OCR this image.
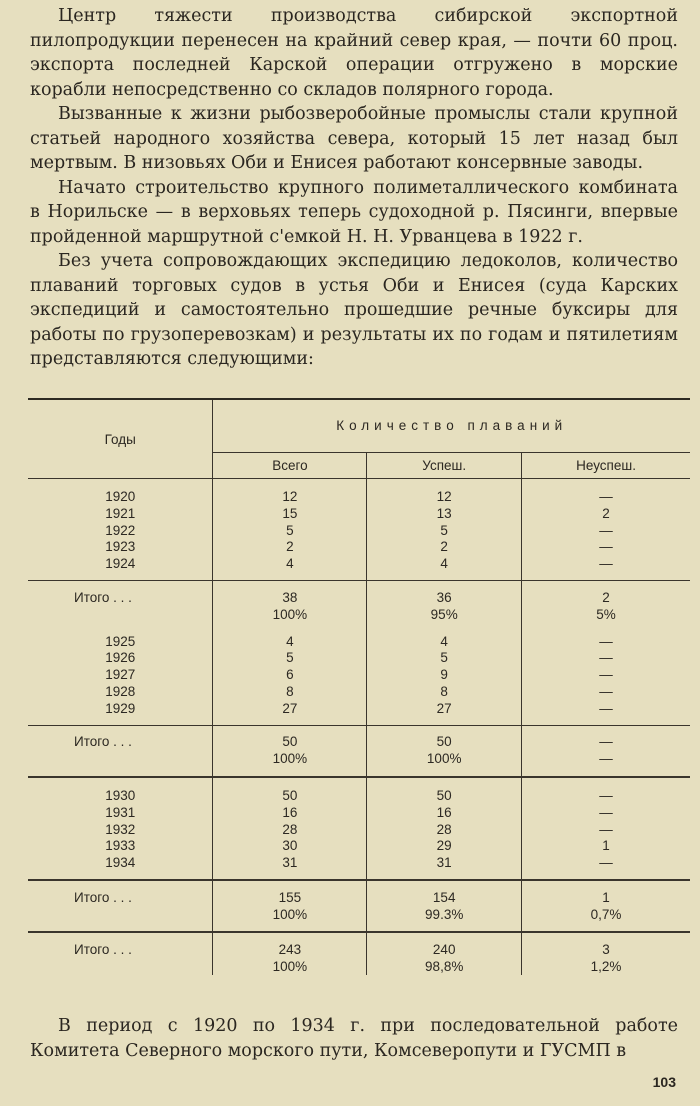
Центр тяжести производства сибирской экспортной пилопродукции перенесен на крайний север края, — почти 60 проц. экспорта последней Карской операции отгружено в морские корабли непосредственно со складов полярного города.

Вызванные к жизни рыбозверобойные промыслы стали крупной статьей народного хозяйства севера, который 15 лет назад был мертвым. В низовьях Оби и Енисея работают консервные заводы.

Начато строительство крупного полиметаллического комбината в Норильске — в верховьях теперь судоходной р. Пясинги, впервые пройденной маршрутной с'емкой Н. Н. Урванцева в 1922 г.

Без учета сопровождающих экспедицию ледоколов, количество плаваний торговых судов в устья Оби и Енисея (суда Карских экспедиций и самостоятельно прошедшие речные буксиры для работы по грузоперевозкам) и результаты их по годам и пятилетиям представляются следующими:

Годы	Количество плаваний		
	Всего	Успеш.	Неуспеш.

1920	12	12	—
1921	15	13	2
1922	5	5	—
1923	2	2	—
1924	4	4	—

Итого . . .	38	36	2
	100%	95%	5%

1925	4	4	—
1926	5	5	—
1927	6	9	—
1928	8	8	—
1929	27	27	—

Итого . . .	50	50	—
	100%	100%	—

1930	50	50	—
1931	16	16	—
1932	28	28	—
1933	30	29	1
1934	31	31	—

Итого . . .	155	154	1
	100%	99.3%	0,7%

Итого . . .	243	240	3
	100%	98,8%	1,2%

В период с 1920 по 1934 г. при последовательной работе Комитета Северного морского пути, Комсеверопути и ГУСМП в

103
